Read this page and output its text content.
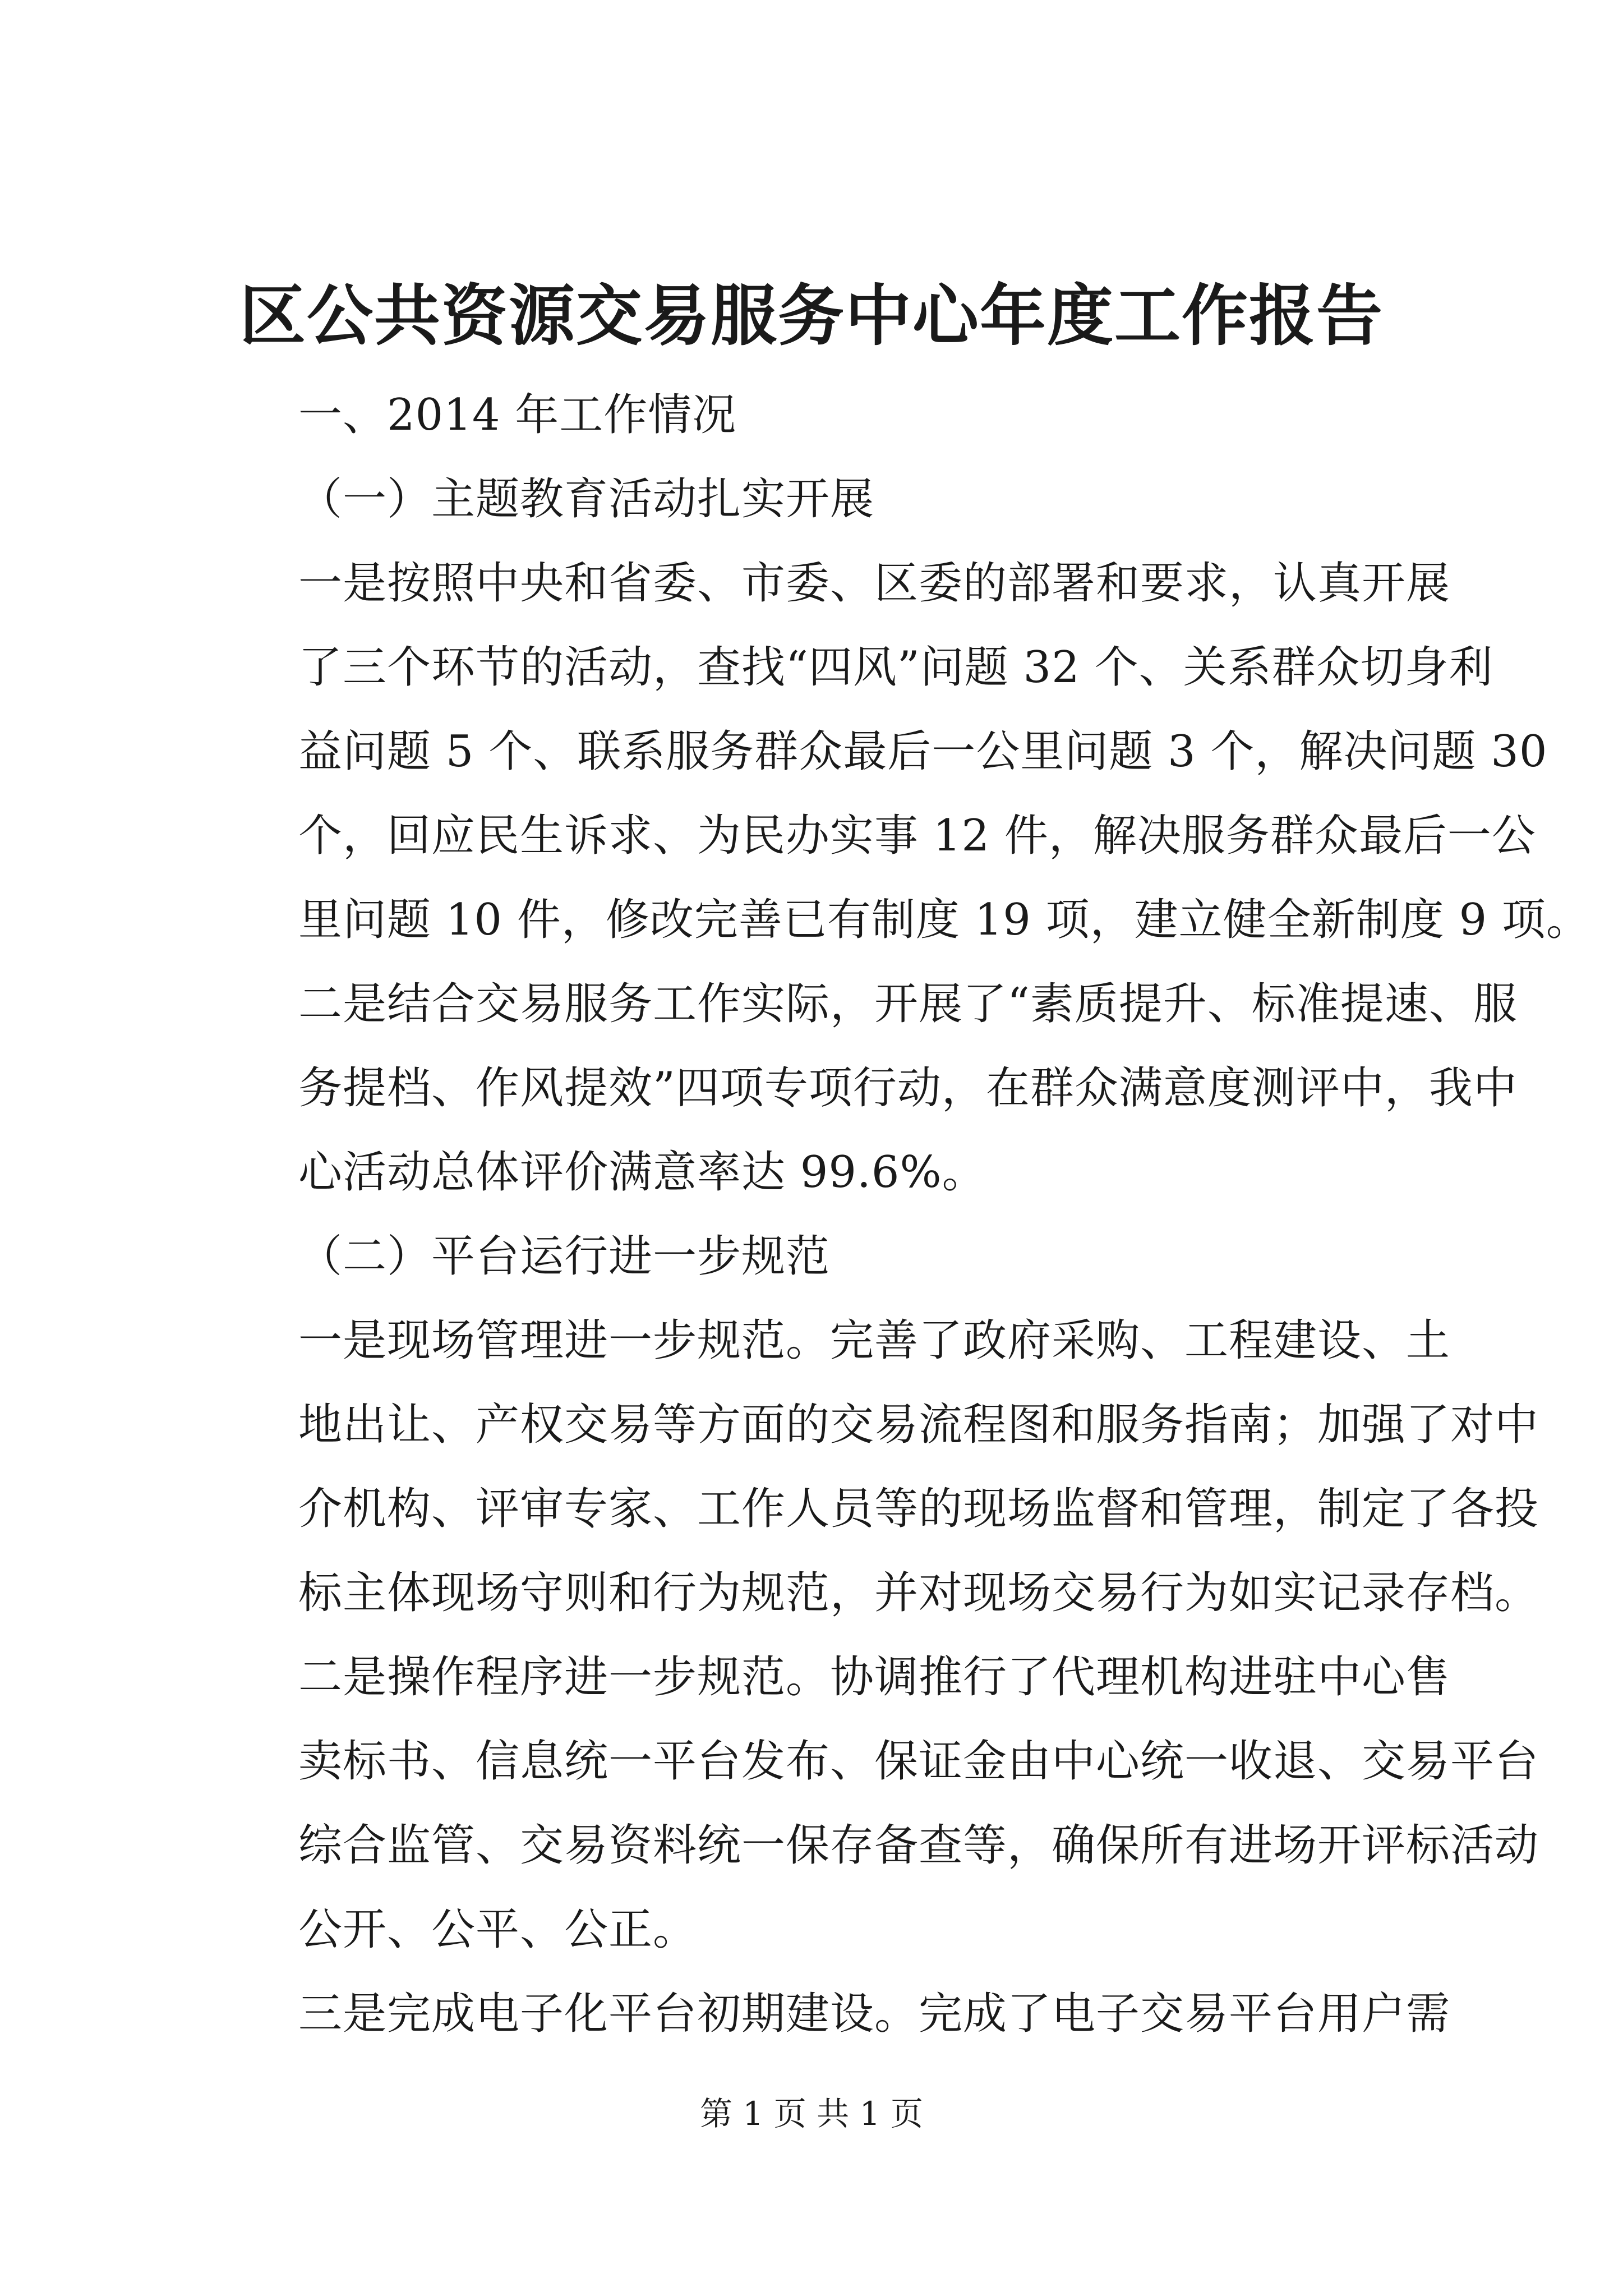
区公共资源交易服务中心年度工作报告
一、2014 年工作情况
（一）主题教育活动扎实开展
一是按照中央和省委、市委、区委的部署和要求，认真开展
了三个环节的活动，查找“四风”问题 32 个、关系群众切身利
益问题 5 个、联系服务群众最后一公里问题 3 个，解决问题 30
个，回应民生诉求、为民办实事 12 件，解决服务群众最后一公
里问题 10 件，修改完善已有制度 19 项，建立健全新制度 9 项。
二是结合交易服务工作实际，开展了“素质提升、标准提速、服
务提档、作风提效”四项专项行动，在群众满意度测评中，我中
心活动总体评价满意率达 99.6%。
（二）平台运行进一步规范
一是现场管理进一步规范。完善了政府采购、工程建设、土
地出让、产权交易等方面的交易流程图和服务指南；加强了对中
介机构、评审专家、工作人员等的现场监督和管理，制定了各投
标主体现场守则和行为规范，并对现场交易行为如实记录存档。
二是操作程序进一步规范。协调推行了代理机构进驻中心售
卖标书、信息统一平台发布、保证金由中心统一收退、交易平台
综合监管、交易资料统一保存备查等，确保所有进场开评标活动
公开、公平、公正。
三是完成电子化平台初期建设。完成了电子交易平台用户需
第 1 页 共 1 页
